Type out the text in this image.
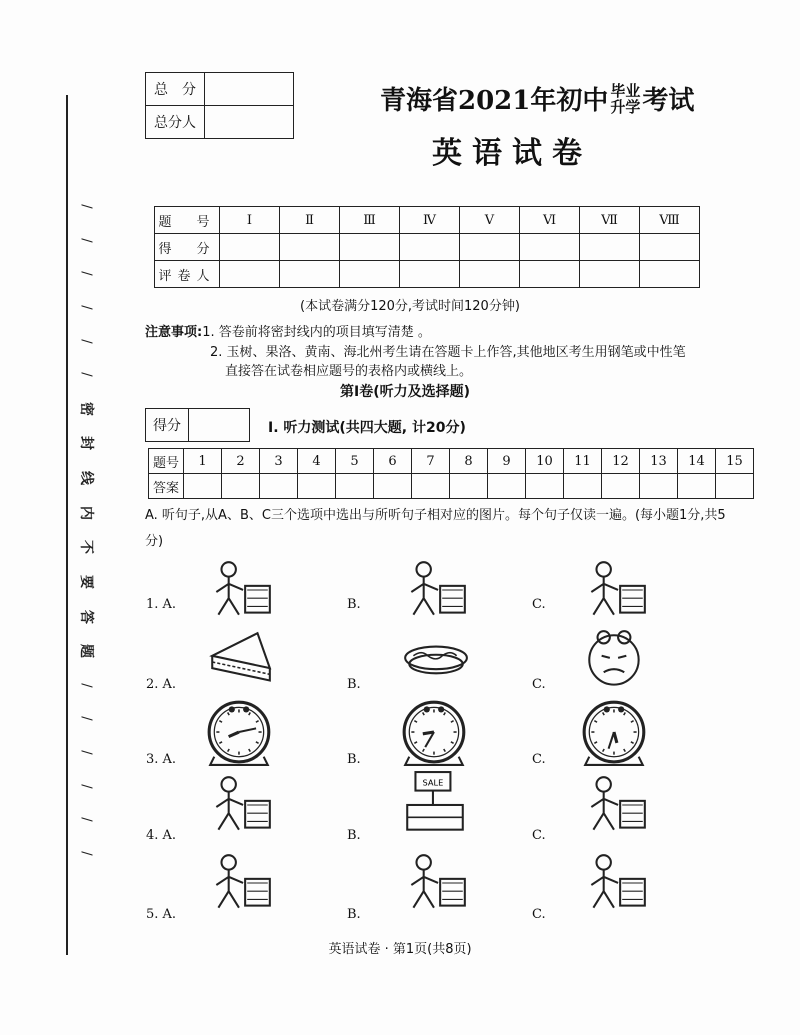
/
/
/
/
/
/
密
封
线
内
不
要
答
题
/
/
/
/
/
/
总　分	
总分人	
青海省2021年初中 毕业
升学 考试
英语试卷
题　号	Ⅰ	Ⅱ	Ⅲ	Ⅳ	Ⅴ	Ⅵ	Ⅶ	Ⅷ
得　分								
评卷人								
(本试卷满分120分,考试时间120分钟)
注意事项:1. 答卷前将密封线内的项目填写清楚 。
2. 玉树、果洛、黄南、海北州考生请在答题卡上作答,其他地区考生用钢笔或中性笔
直接答在试卷相应题号的表格内或横线上。
第Ⅰ卷(听力及选择题)
得分		I. 听力测试(共四大题, 计20分)
题号	1	2	3	4	5	6	7	8	9	10	11	12	13	14	15
答案															
A. 听句子,从A、B、C三个选项中选出与所听句子相对应的图片。每个句子仅读一遍。(每小题1分,共5分)
1. A.	B.	C.
2. A.	B.	C.
3. A.	B.	C.
4. A.	B.
SALE
C.
5. A.	B.	C.
英语试卷 · 第1页(共8页)
